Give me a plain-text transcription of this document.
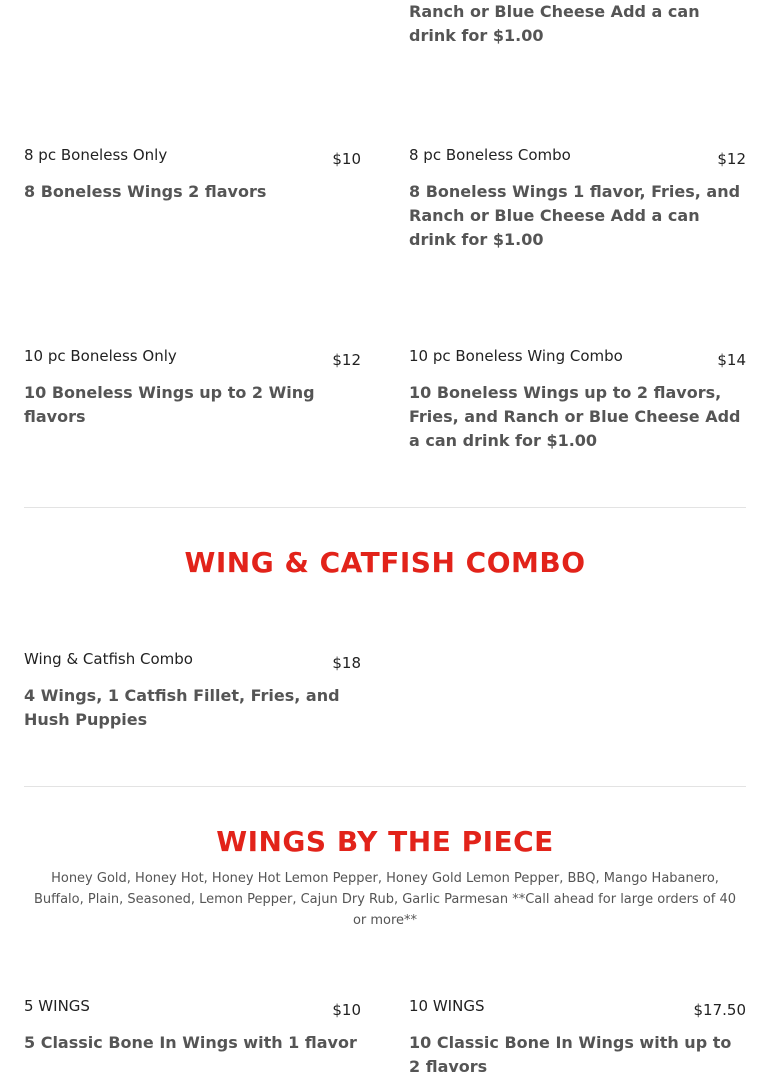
Ranch or Blue Cheese Add a can drink for $1.00
8 pc Boneless Only	$10
8 Boneless Wings 2 flavors
8 pc Boneless Combo	$12
8 Boneless Wings 1 flavor, Fries, and Ranch or Blue Cheese Add a can drink for $1.00
10 pc Boneless Only	$12
10 Boneless Wings up to 2 Wing flavors
10 pc Boneless Wing Combo	$14
10 Boneless Wings up to 2 flavors, Fries, and Ranch or Blue Cheese Add a can drink for $1.00
WING & CATFISH COMBO
Wing & Catfish Combo	$18
4 Wings, 1 Catfish Fillet, Fries, and Hush Puppies
WINGS BY THE PIECE
Honey Gold, Honey Hot, Honey Hot Lemon Pepper, Honey Gold Lemon Pepper, BBQ, Mango Habanero, Buffalo, Plain, Seasoned, Lemon Pepper, Cajun Dry Rub, Garlic Parmesan **Call ahead for large orders of 40 or more**
5 WINGS	$10
5 Classic Bone In Wings with 1 flavor
10 WINGS	$17.50
10 Classic Bone In Wings with up to 2 flavors
